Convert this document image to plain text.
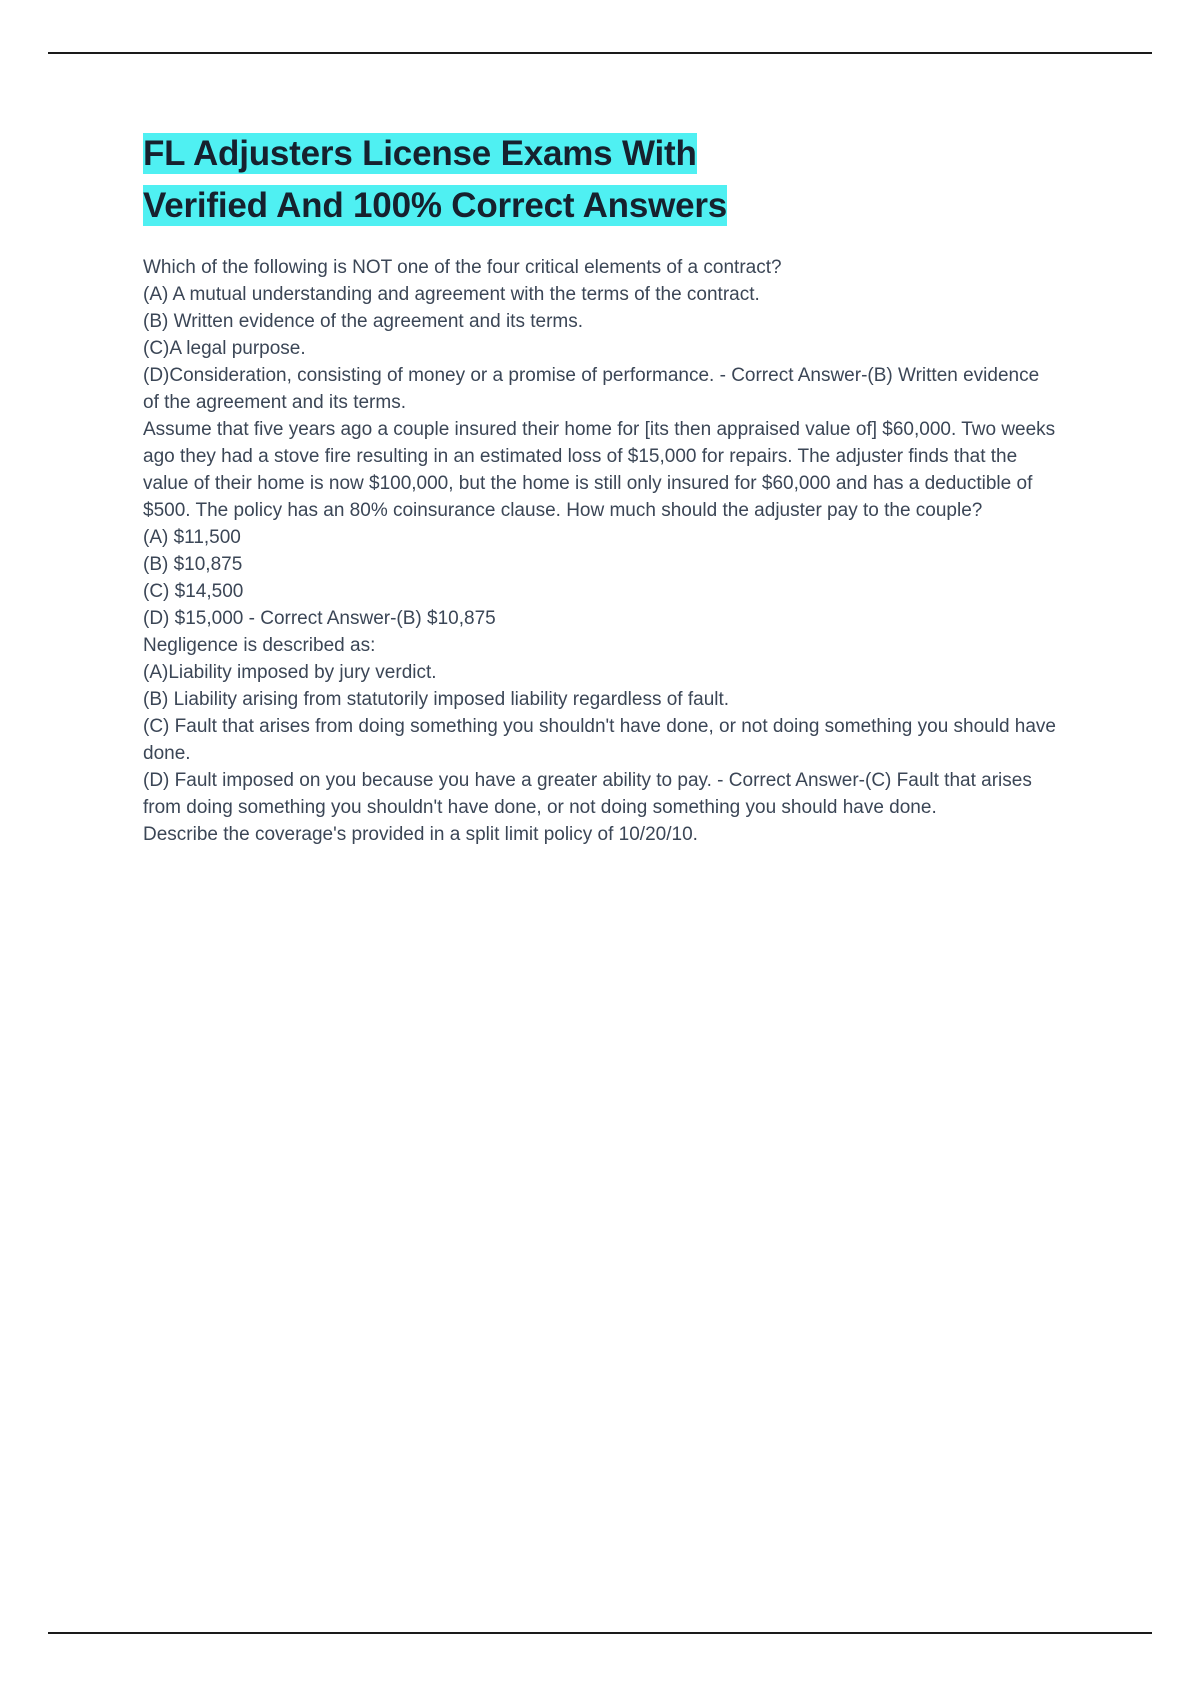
FL Adjusters License Exams With
Verified And 100% Correct Answers

Which of the following is NOT one of the four critical elements of a contract?

(A) A mutual understanding and agreement with the terms of the contract.

(B) Written evidence of the agreement and its terms.

(C)A legal purpose.

(D)Consideration, consisting of money or a promise of performance. - Correct Answer-(B) Written evidence of the agreement and its terms.

Assume that five years ago a couple insured their home for [its then appraised value of] $60,000. Two weeks ago they had a stove fire resulting in an estimated loss of $15,000 for repairs. The adjuster finds that the value of their home is now $100,000, but the home is still only insured for $60,000 and has a deductible of $500. The policy has an 80% coinsurance clause. How much should the adjuster pay to the couple?

(A) $11,500

(B) $10,875

(C) $14,500

(D) $15,000 - Correct Answer-(B) $10,875

Negligence is described as:

(A)Liability imposed by jury verdict.

(B) Liability arising from statutorily imposed liability regardless of fault.

(C) Fault that arises from doing something you shouldn't have done, or not doing something you should have done.

(D) Fault imposed on you because you have a greater ability to pay. - Correct Answer-(C) Fault that arises from doing something you shouldn't have done, or not doing something you should have done.

Describe the coverage's provided in a split limit policy of 10/20/10.
